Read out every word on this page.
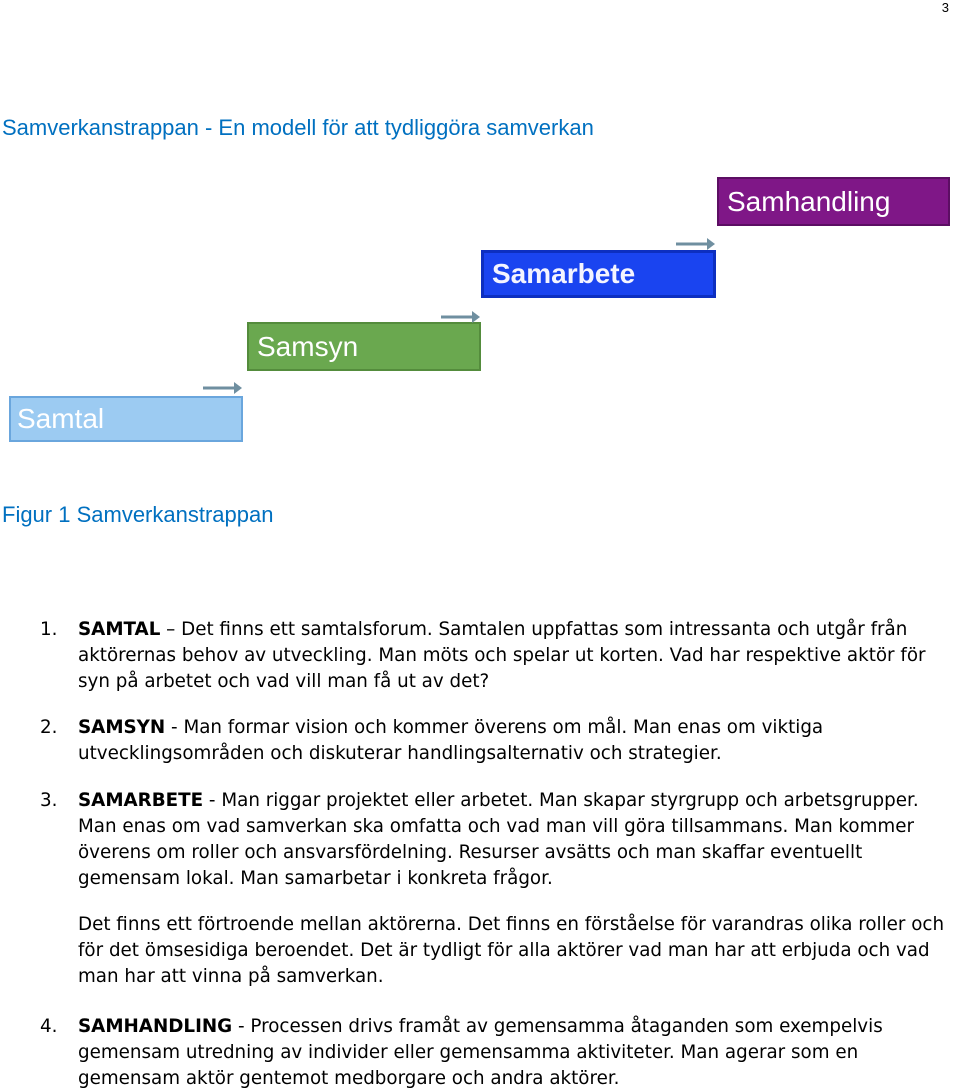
3
Samverkanstrappan - En modell för att tydliggöra samverkan
Samtal
Samsyn
Samarbete
Samhandling
Figur 1 Samverkanstrappan
1. SAMTAL – Det finns ett samtalsforum. Samtalen uppfattas som intressanta och utgår från aktörernas behov av utveckling. Man möts och spelar ut korten. Vad har respektive aktör för syn på arbetet och vad vill man få ut av det?
2. SAMSYN - Man formar vision och kommer överens om mål. Man enas om viktiga utvecklingsområden och diskuterar handlingsalternativ och strategier.
3. SAMARBETE - Man riggar projektet eller arbetet. Man skapar styrgrupp och arbetsgrupper. Man enas om vad samverkan ska omfatta och vad man vill göra tillsammans. Man kommer överens om roller och ansvarsfördelning. Resurser avsätts och man skaffar eventuellt gemensam lokal. Man samarbetar i konkreta frågor.
Det finns ett förtroende mellan aktörerna. Det finns en förståelse för varandras olika roller och för det ömsesidiga beroendet. Det är tydligt för alla aktörer vad man har att erbjuda och vad man har att vinna på samverkan.
4. SAMHANDLING - Processen drivs framåt av gemensamma åtaganden som exempelvis gemensam utredning av individer eller gemensamma aktiviteter. Man agerar som en gemensam aktör gentemot medborgare och andra aktörer.
